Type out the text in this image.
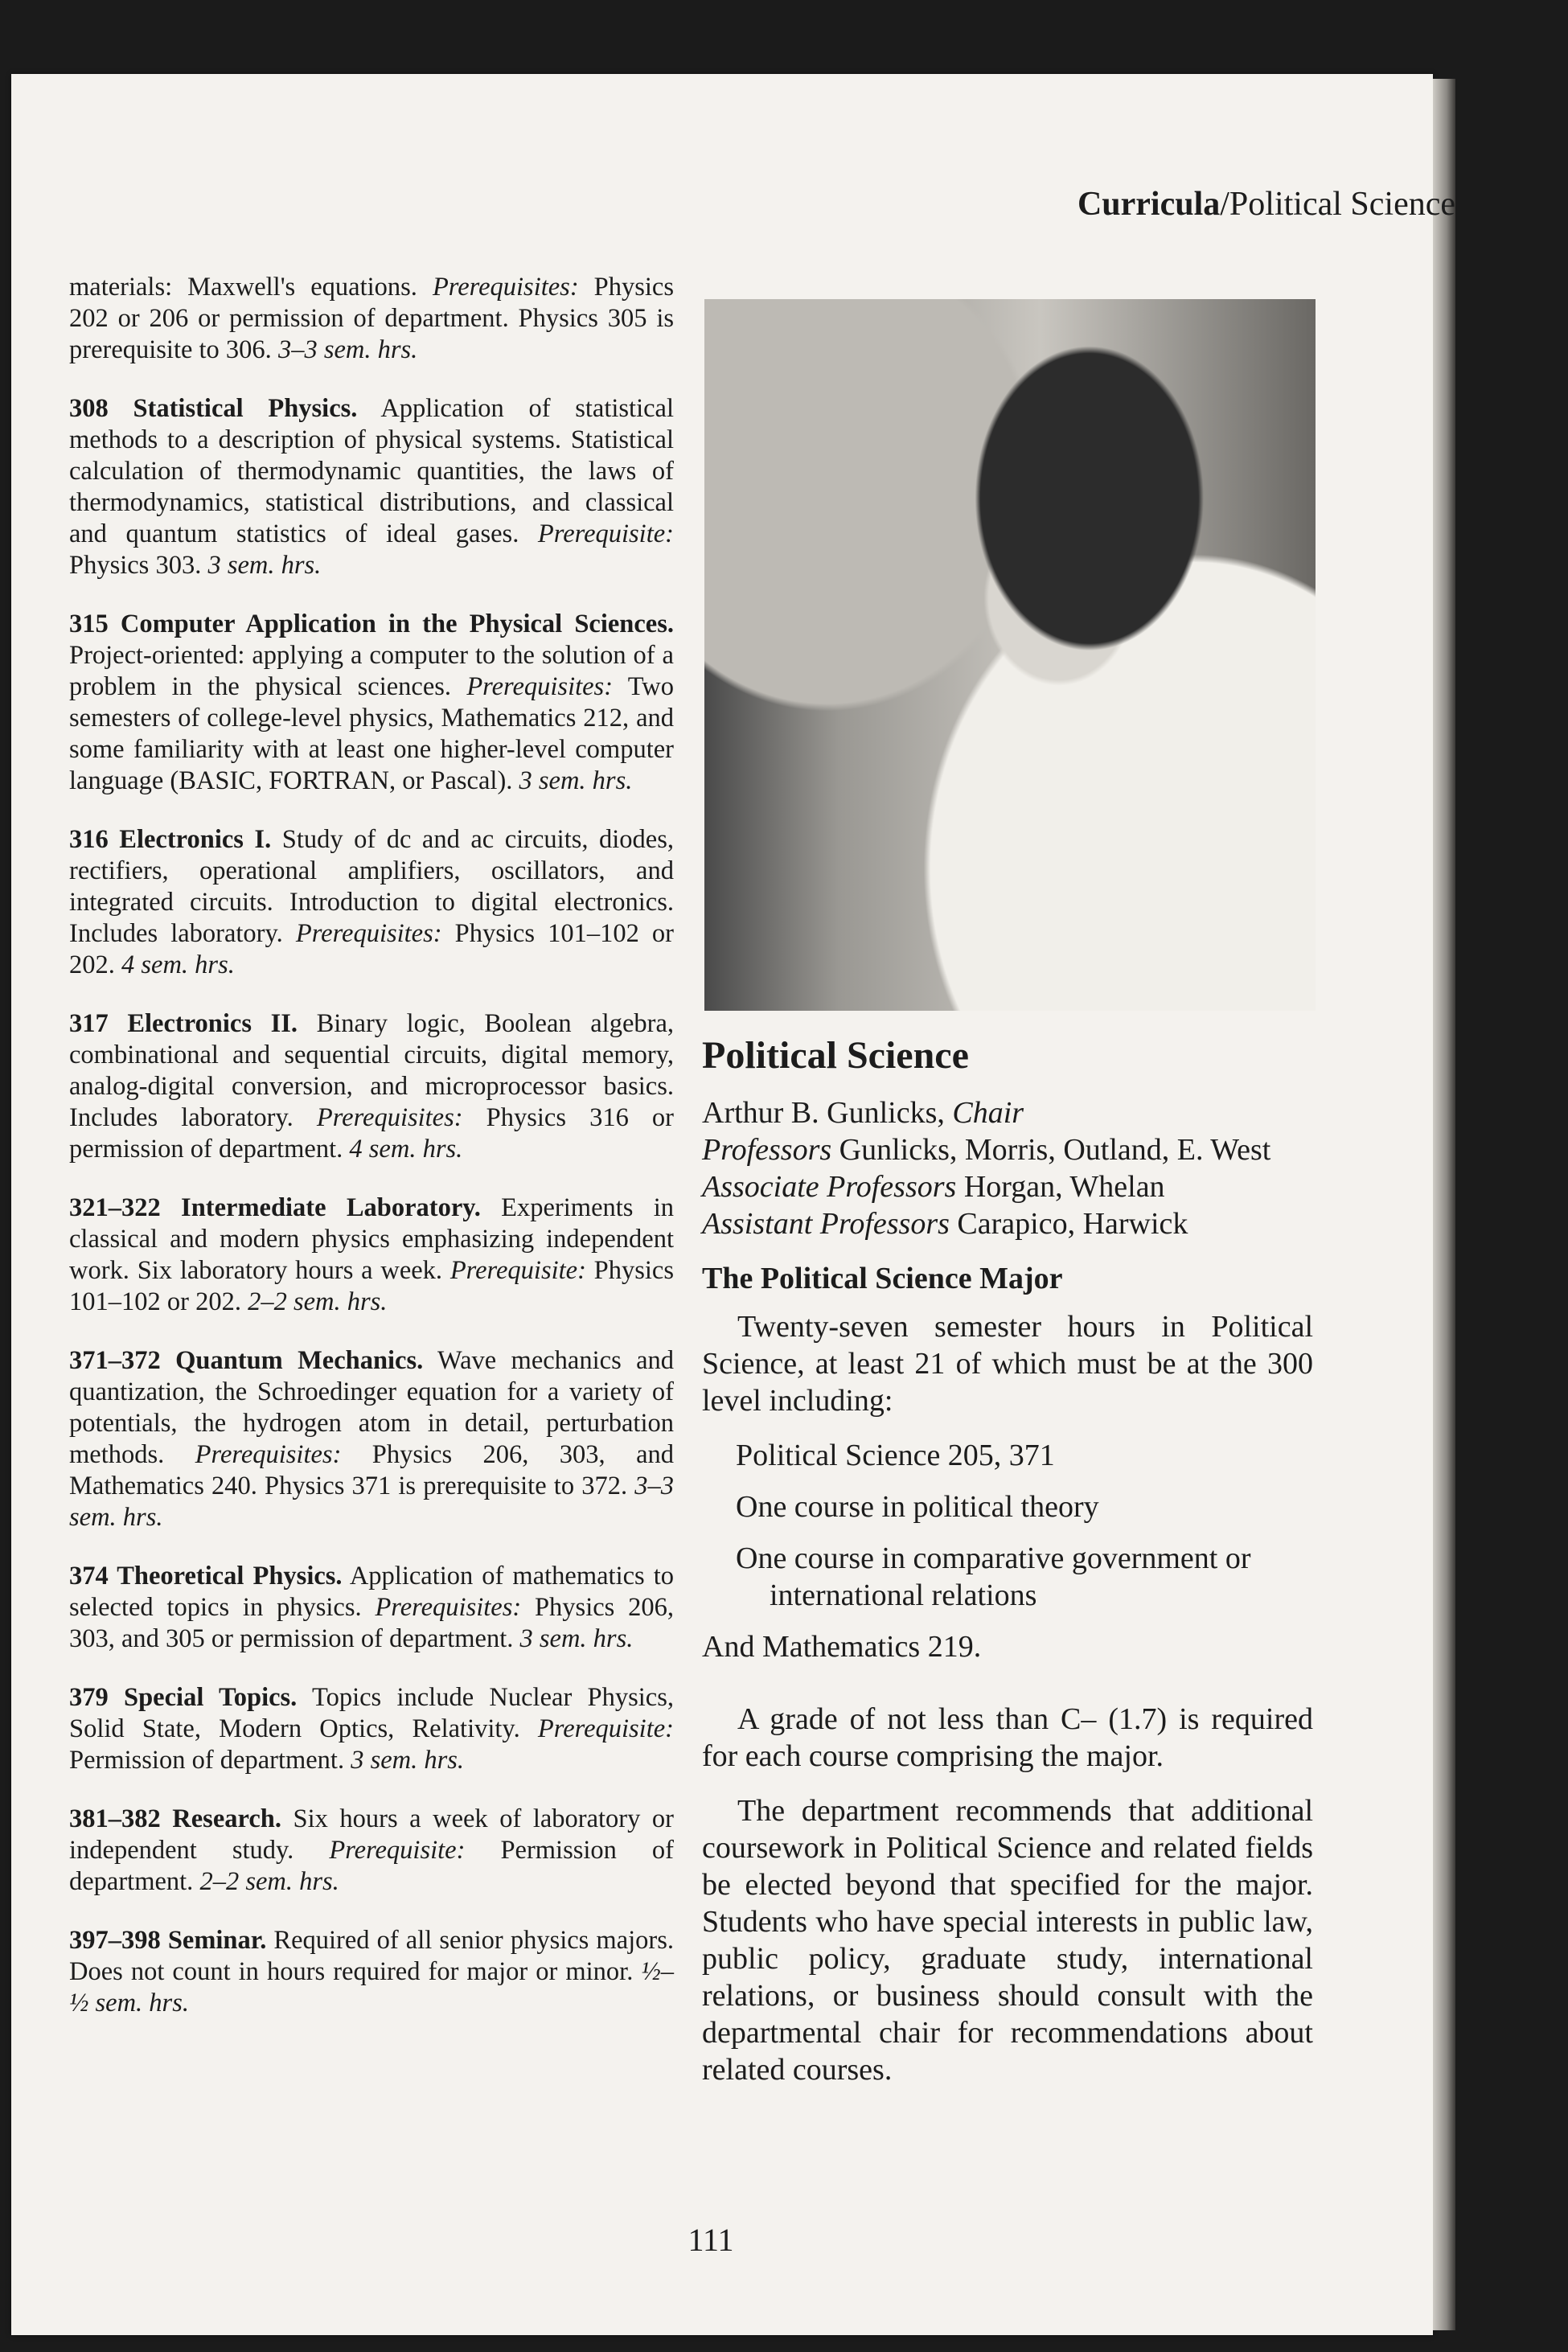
Curricula/Political Science

materials: Maxwell's equations. Prerequisites: Physics 202 or 206 or permission of department. Physics 305 is prerequisite to 306. 3–3 sem. hrs.

308 Statistical Physics. Application of statistical methods to a description of physical systems. Statistical calculation of thermodynamic quantities, the laws of thermodynamics, statistical distributions, and classical and quantum statistics of ideal gases. Prerequisite: Physics 303. 3 sem. hrs.

315 Computer Application in the Physical Sciences. Project-oriented: applying a computer to the solution of a problem in the physical sciences. Prerequisites: Two semesters of college-level physics, Mathematics 212, and some familiarity with at least one higher-level computer language (BASIC, FORTRAN, or Pascal). 3 sem. hrs.

316 Electronics I. Study of dc and ac circuits, diodes, rectifiers, operational amplifiers, oscillators, and integrated circuits. Introduction to digital electronics. Includes laboratory. Prerequisites: Physics 101–102 or 202. 4 sem. hrs.

317 Electronics II. Binary logic, Boolean algebra, combinational and sequential circuits, digital memory, analog-digital conversion, and microprocessor basics. Includes laboratory. Prerequisites: Physics 316 or permission of department. 4 sem. hrs.

321–322 Intermediate Laboratory. Experiments in classical and modern physics emphasizing independent work. Six laboratory hours a week. Prerequisite: Physics 101–102 or 202. 2–2 sem. hrs.

371–372 Quantum Mechanics. Wave mechanics and quantization, the Schroedinger equation for a variety of potentials, the hydrogen atom in detail, perturbation methods. Prerequisites: Physics 206, 303, and Mathematics 240. Physics 371 is prerequisite to 372. 3–3 sem. hrs.

374 Theoretical Physics. Application of mathematics to selected topics in physics. Prerequisites: Physics 206, 303, and 305 or permission of department. 3 sem. hrs.

379 Special Topics. Topics include Nuclear Physics, Solid State, Modern Optics, Relativity. Prerequisite: Permission of department. 3 sem. hrs.

381–382 Research. Six hours a week of laboratory or independent study. Prerequisite: Permission of department. 2–2 sem. hrs.

397–398 Seminar. Required of all senior physics majors. Does not count in hours required for major or minor. ½–½ sem. hrs.

Political Science

Arthur B. Gunlicks, Chair

Professors Gunlicks, Morris, Outland, E. West

Associate Professors Horgan, Whelan

Assistant Professors Carapico, Harwick

The Political Science Major

Twenty-seven semester hours in Political Science, at least 21 of which must be at the 300 level including:

Political Science 205, 371

One course in political theory

One course in comparative government or international relations

And Mathematics 219.

A grade of not less than C– (1.7) is required for each course comprising the major.

The department recommends that additional coursework in Political Science and related fields be elected beyond that specified for the major. Students who have special interests in public law, public policy, graduate study, international relations, or business should consult with the departmental chair for recommendations about related courses.

111
